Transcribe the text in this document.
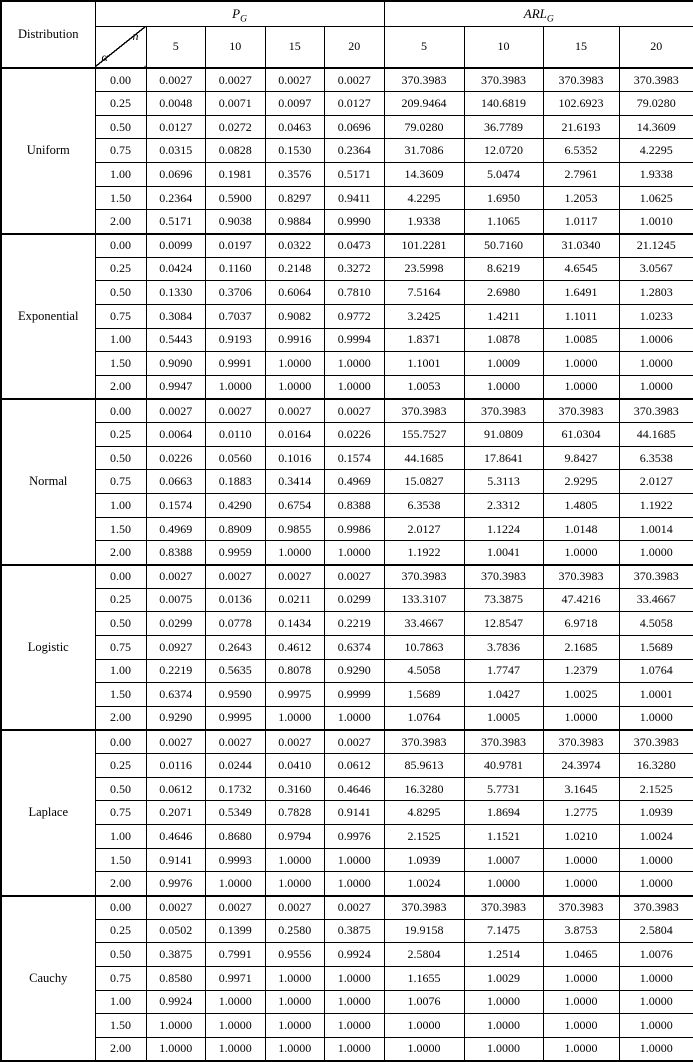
Distribution	$P_G$					$ARL_G$

	n
α	5	10	15	20	5	10	15	20
Uniform	0.00	0.0027	0.0027	0.0027	0.0027	370.3983	370.3983	370.3983	370.3983
	0.25	0.0048	0.0071	0.0097	0.0127	209.9464	140.6819	102.6923	79.0280
	0.50	0.0127	0.0272	0.0463	0.0696	79.0280	36.7789	21.6193	14.3609
	0.75	0.0315	0.0828	0.1530	0.2364	31.7086	12.0720	6.5352	4.2295
	1.00	0.0696	0.1981	0.3576	0.5171	14.3609	5.0474	2.7961	1.9338
	1.50	0.2364	0.5900	0.8297	0.9411	4.2295	1.6950	1.2053	1.0625
	2.00	0.5171	0.9038	0.9884	0.9990	1.9338	1.1065	1.0117	1.0010
Exponential	0.00	0.0099	0.0197	0.0322	0.0473	101.2281	50.7160	31.0340	21.1245
	0.25	0.0424	0.1160	0.2148	0.3272	23.5998	8.6219	4.6545	3.0567
	0.50	0.1330	0.3706	0.6064	0.7810	7.5164	2.6980	1.6491	1.2803
	0.75	0.3084	0.7037	0.9082	0.9772	3.2425	1.4211	1.1011	1.0233
	1.00	0.5443	0.9193	0.9916	0.9994	1.8371	1.0878	1.0085	1.0006
	1.50	0.9090	0.9991	1.0000	1.0000	1.1001	1.0009	1.0000	1.0000
	2.00	0.9947	1.0000	1.0000	1.0000	1.0053	1.0000	1.0000	1.0000
Normal	0.00	0.0027	0.0027	0.0027	0.0027	370.3983	370.3983	370.3983	370.3983
	0.25	0.0064	0.0110	0.0164	0.0226	155.7527	91.0809	61.0304	44.1685
	0.50	0.0226	0.0560	0.1016	0.1574	44.1685	17.8641	9.8427	6.3538
	0.75	0.0663	0.1883	0.3414	0.4969	15.0827	5.3113	2.9295	2.0127
	1.00	0.1574	0.4290	0.6754	0.8388	6.3538	2.3312	1.4805	1.1922
	1.50	0.4969	0.8909	0.9855	0.9986	2.0127	1.1224	1.0148	1.0014
	2.00	0.8388	0.9959	1.0000	1.0000	1.1922	1.0041	1.0000	1.0000
Logistic	0.00	0.0027	0.0027	0.0027	0.0027	370.3983	370.3983	370.3983	370.3983
	0.25	0.0075	0.0136	0.0211	0.0299	133.3107	73.3875	47.4216	33.4667
	0.50	0.0299	0.0778	0.1434	0.2219	33.4667	12.8547	6.9718	4.5058
	0.75	0.0927	0.2643	0.4612	0.6374	10.7863	3.7836	2.1685	1.5689
	1.00	0.2219	0.5635	0.8078	0.9290	4.5058	1.7747	1.2379	1.0764
	1.50	0.6374	0.9590	0.9975	0.9999	1.5689	1.0427	1.0025	1.0001
	2.00	0.9290	0.9995	1.0000	1.0000	1.0764	1.0005	1.0000	1.0000
Laplace	0.00	0.0027	0.0027	0.0027	0.0027	370.3983	370.3983	370.3983	370.3983
	0.25	0.0116	0.0244	0.0410	0.0612	85.9613	40.9781	24.3974	16.3280
	0.50	0.0612	0.1732	0.3160	0.4646	16.3280	5.7731	3.1645	2.1525
	0.75	0.2071	0.5349	0.7828	0.9141	4.8295	1.8694	1.2775	1.0939
	1.00	0.4646	0.8680	0.9794	0.9976	2.1525	1.1521	1.0210	1.0024
	1.50	0.9141	0.9993	1.0000	1.0000	1.0939	1.0007	1.0000	1.0000
	2.00	0.9976	1.0000	1.0000	1.0000	1.0024	1.0000	1.0000	1.0000
Cauchy	0.00	0.0027	0.0027	0.0027	0.0027	370.3983	370.3983	370.3983	370.3983
	0.25	0.0502	0.1399	0.2580	0.3875	19.9158	7.1475	3.8753	2.5804
	0.50	0.3875	0.7991	0.9556	0.9924	2.5804	1.2514	1.0465	1.0076
	0.75	0.8580	0.9971	1.0000	1.0000	1.1655	1.0029	1.0000	1.0000
	1.00	0.9924	1.0000	1.0000	1.0000	1.0076	1.0000	1.0000	1.0000
	1.50	1.0000	1.0000	1.0000	1.0000	1.0000	1.0000	1.0000	1.0000
	2.00	1.0000	1.0000	1.0000	1.0000	1.0000	1.0000	1.0000	1.0000
